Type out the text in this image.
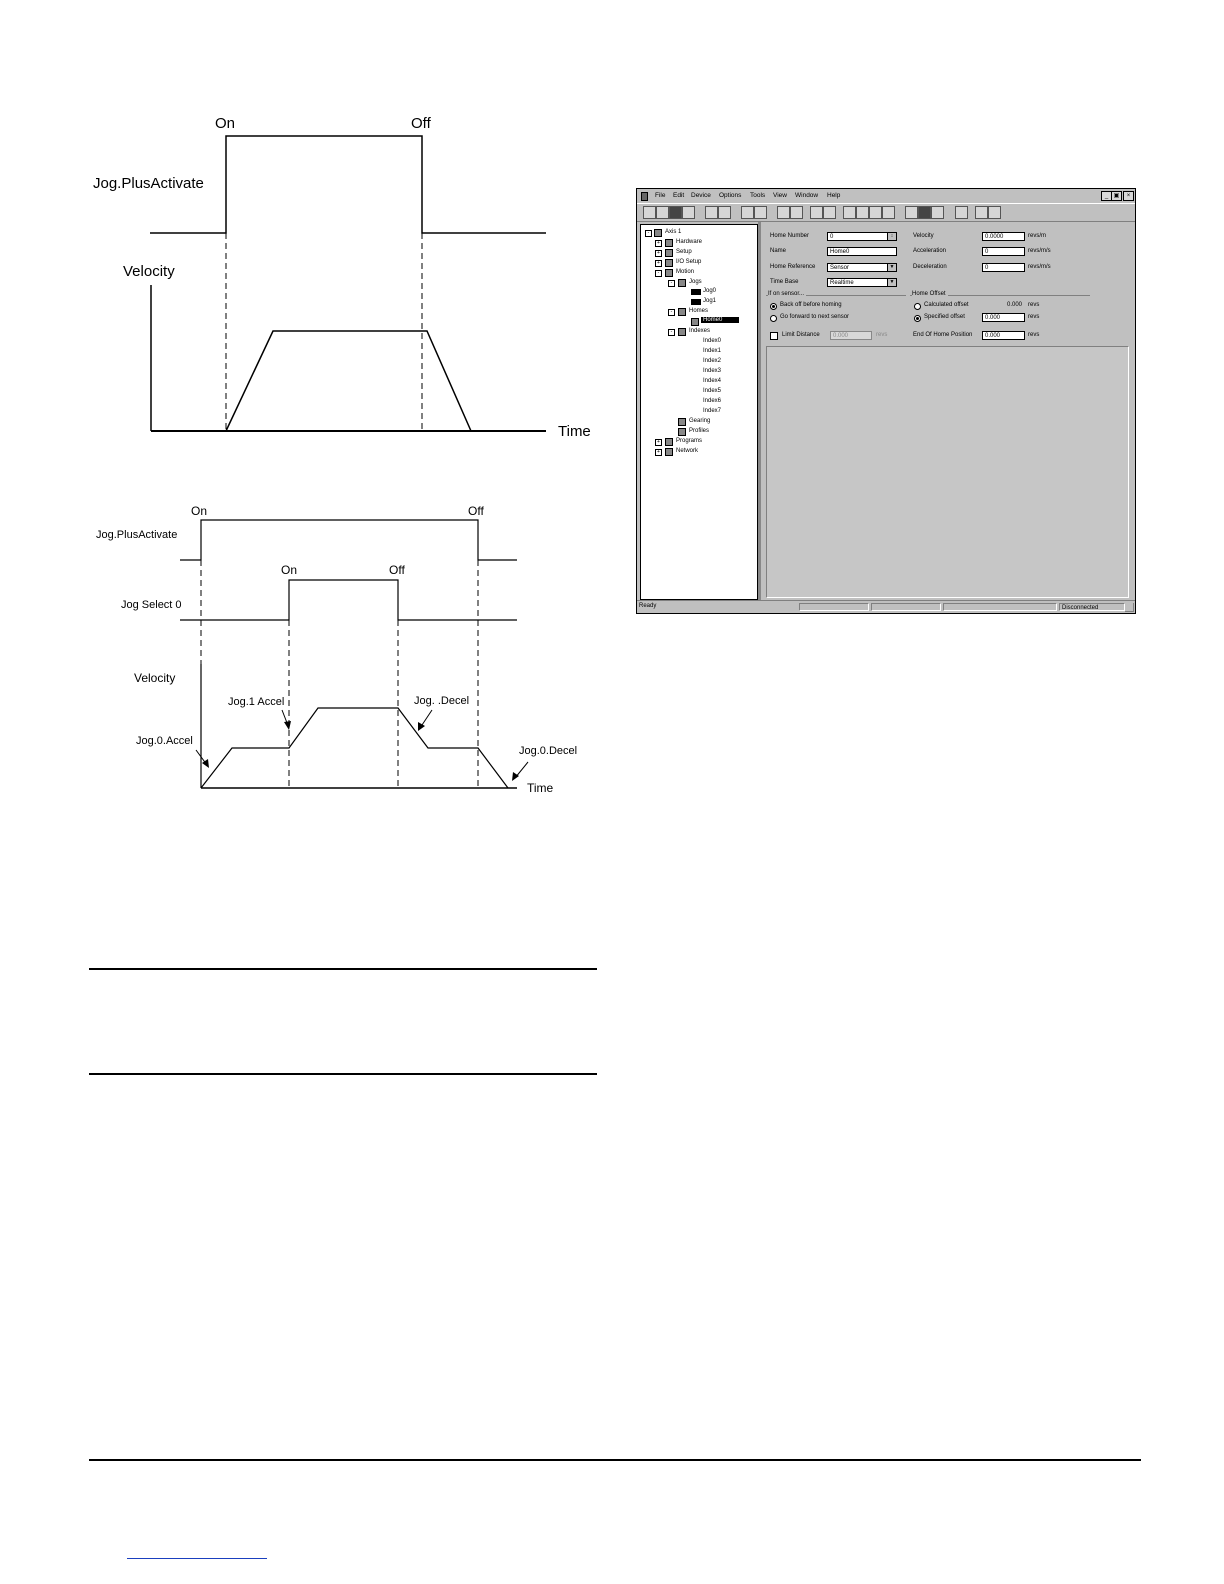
On	Off
Jog.PlusActivate
Velocity
Time
On	Off
Jog.PlusActivate
On	Off
Jog Select 0
Velocity
Jog.1 Accel	Jog. .Decel
Jog.0.Accel
Jog.0.Decel
Time
File Edit Device Options Tools View Window Help	_ ▣	×
-	Axis 1
+	Hardware
+	Setup
+	I/O Setup
-	Motion
-	Jogs
Jog0
Jog1
-	Homes
Home0
-	Indexes
Index0
Index1
Index2
Index3
Index4
Index5
Index6
Index7
Gearing
Profiles
+	Programs
+	Network
Home Number	0	↕
Name	Home0
Home Reference	Sensor	▼
Time Base	Realtime	▼
Velocity	0.0000	revs/m
Acceleration	0	revs/m/s
Deceleration	0	revs/m/s
If on sensor...
Back off before homing
Go forward to next sensor
Home Offset
Calculated offset	0.000 revs
Specified offset	0.000	revs
Limit Distance	0.000	revs	End Of Home Position	0.000	revs
Ready	Disconnected
